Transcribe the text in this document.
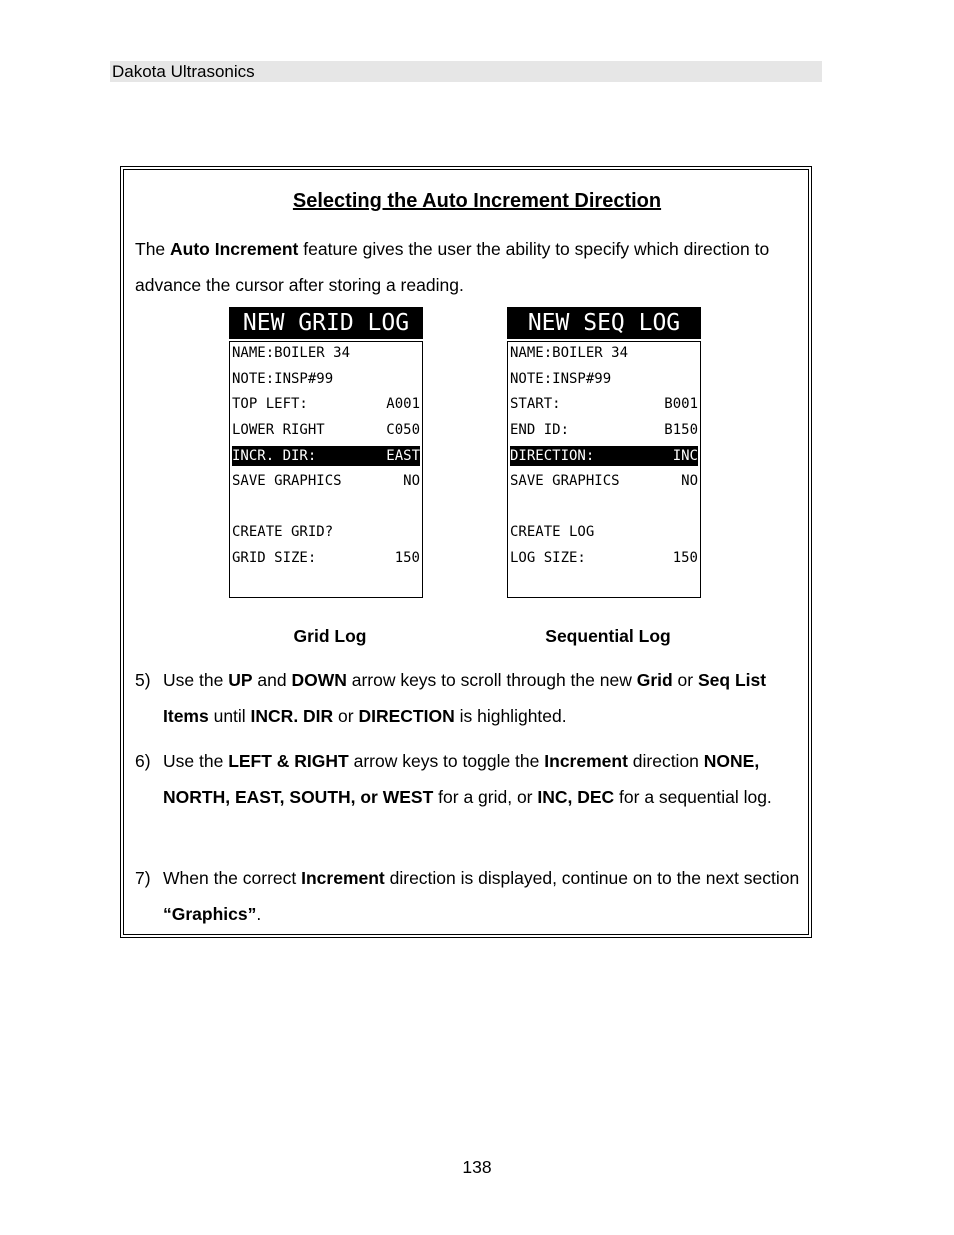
Dakota Ultrasonics
Selecting the Auto Increment Direction
The Auto Increment feature gives the user the ability to specify which direction to advance the cursor after storing a reading.
NEW GRID LOG
NAME:BOILER 34
NOTE:INSP#99
TOP LEFT:	A001
LOWER RIGHT	C050
INCR. DIR:	EAST
SAVE GRAPHICS	NO
CREATE GRID?
GRID SIZE:	150
NEW SEQ LOG
NAME:BOILER 34
NOTE:INSP#99
START:	B001
END ID:	B150
DIRECTION:	INC
SAVE GRAPHICS	NO
CREATE LOG
LOG SIZE:	150
Grid Log	Sequential Log
5) Use the UP and DOWN arrow keys to scroll through the new Grid or Seq List Items until INCR. DIR or DIRECTION is highlighted.
6) Use the LEFT & RIGHT arrow keys to toggle the Increment direction NONE, NORTH, EAST, SOUTH, or WEST for a grid, or INC, DEC for a sequential log.
7) When the correct Increment direction is displayed, continue on to the next section “Graphics”.
138
